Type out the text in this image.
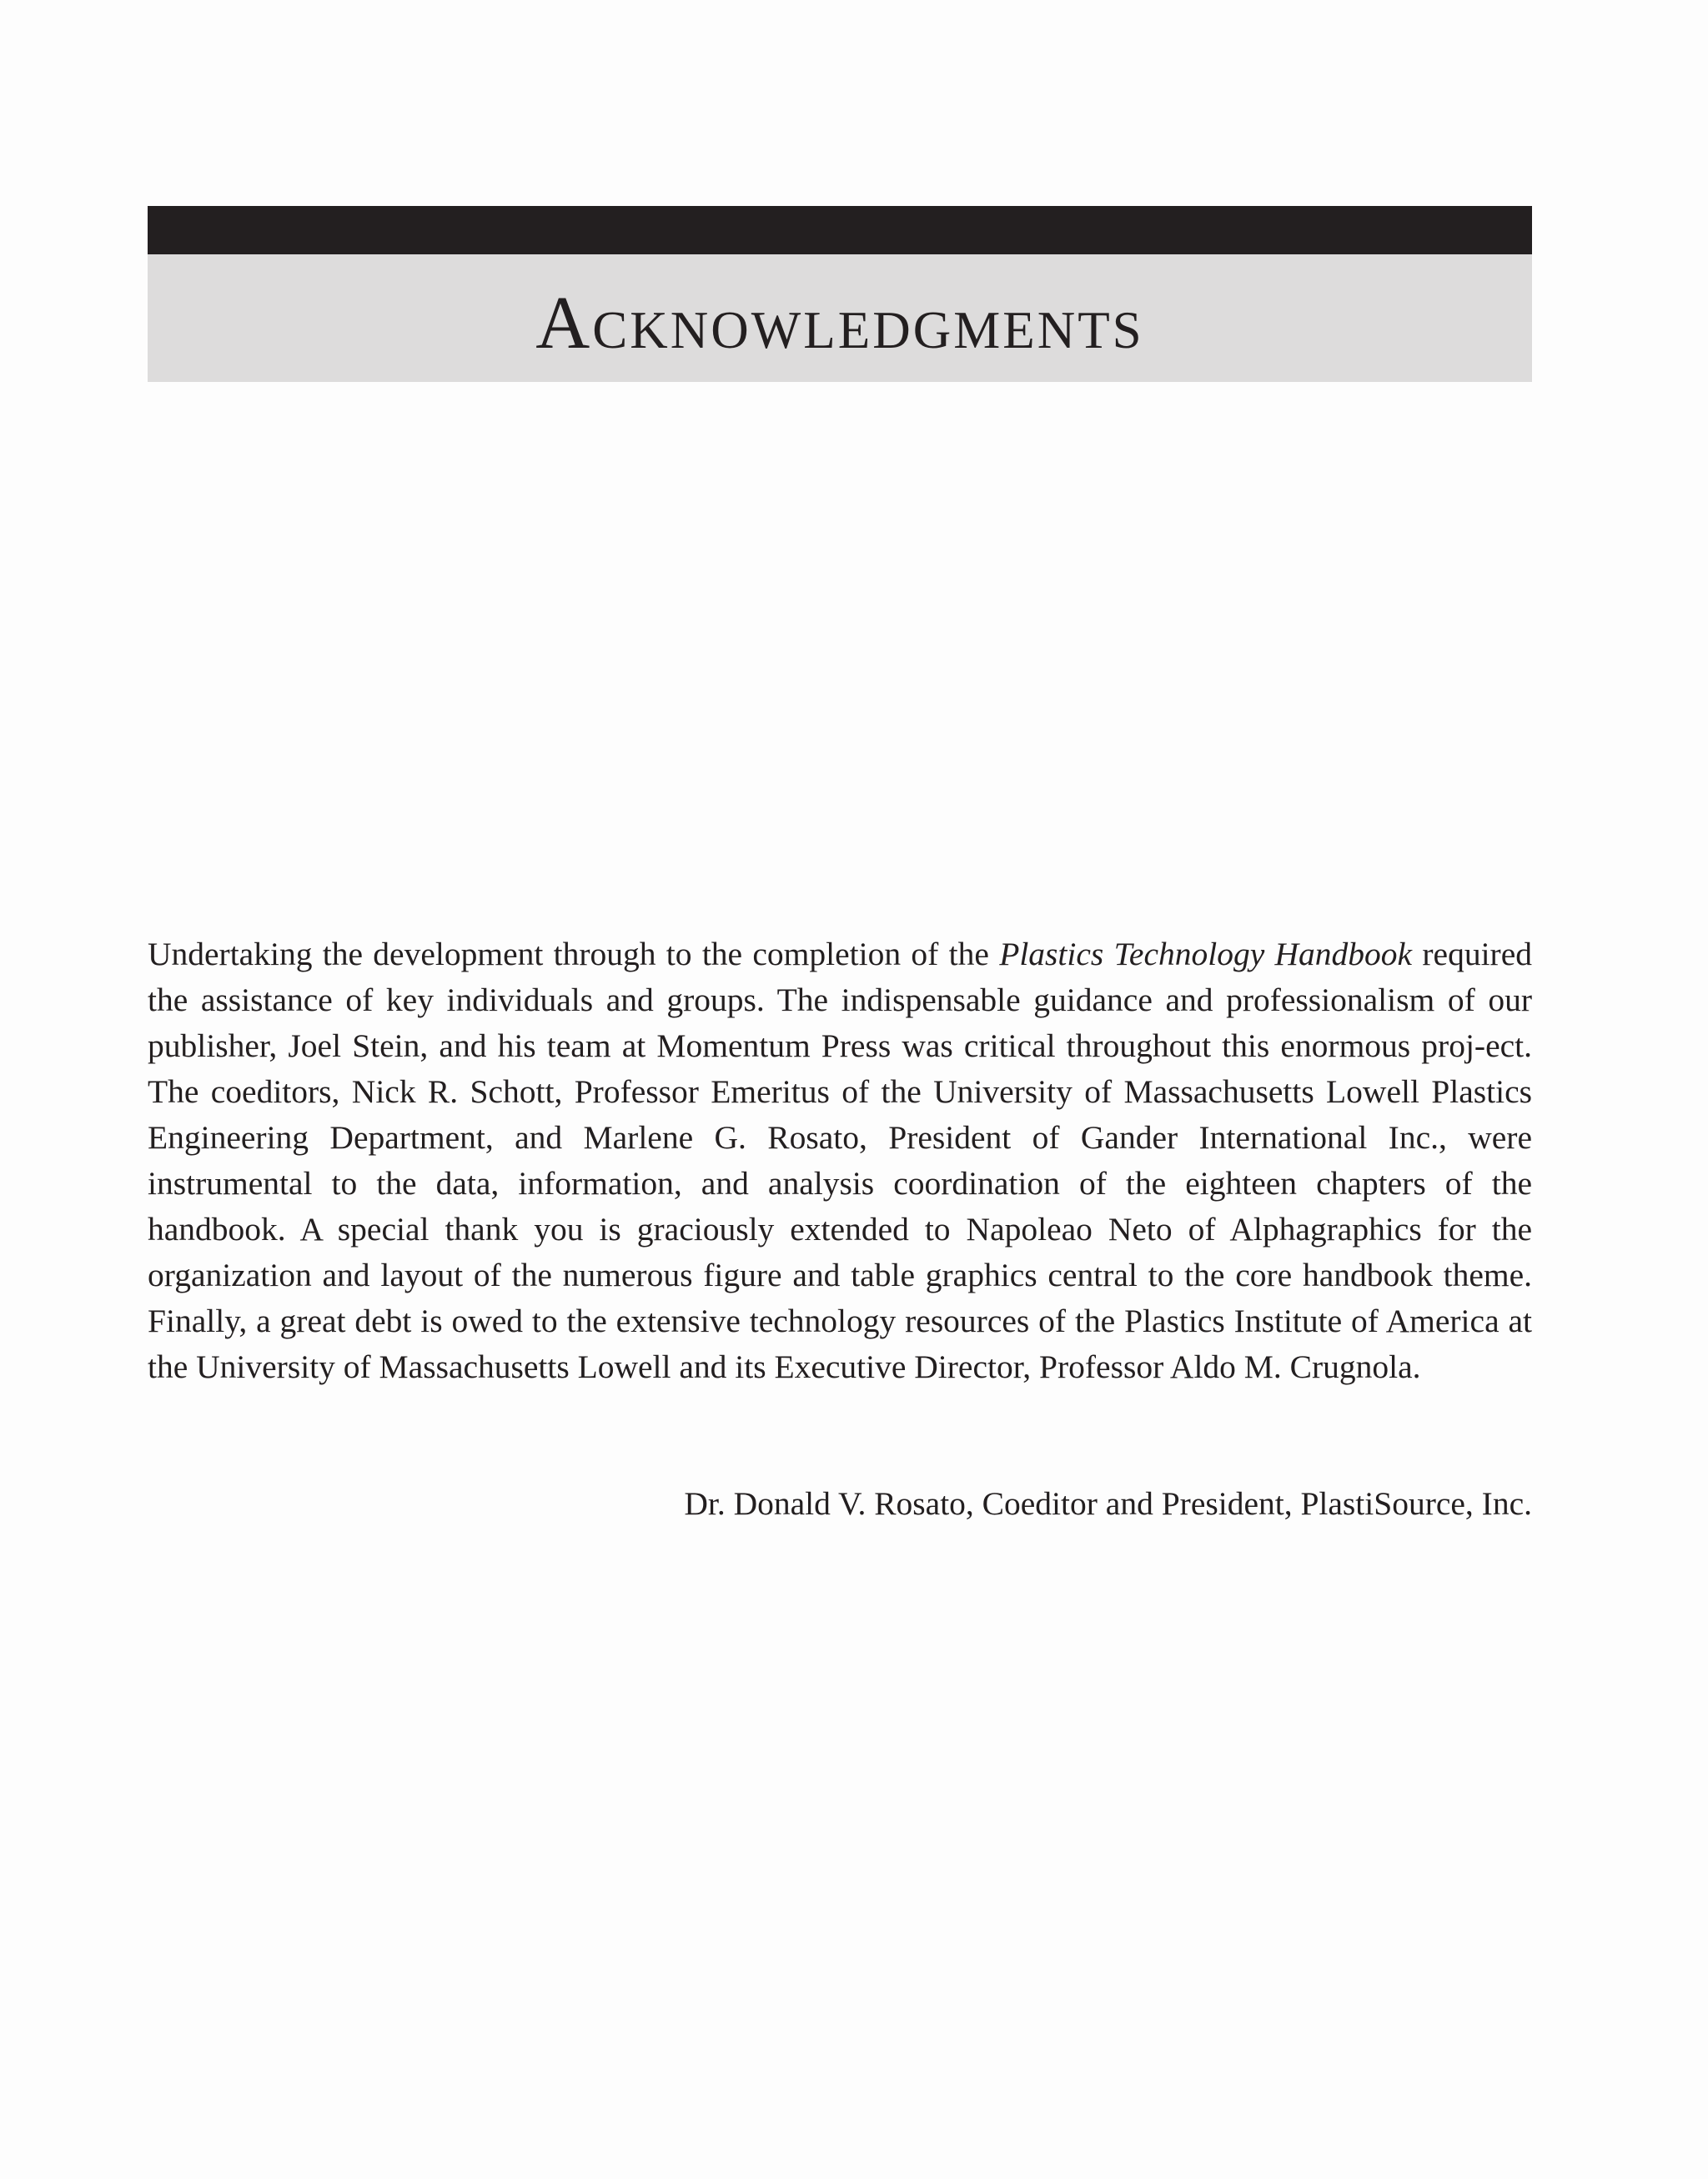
Acknowledgments

Undertaking the development through to the completion of the Plastics Technology Handbook required the assistance of key individuals and groups. The indispensable guidance and professionalism of our publisher, Joel Stein, and his team at Momentum Press was critical throughout this enormous proj-ect. The coeditors, Nick R. Schott, Professor Emeritus of the University of Massachusetts Lowell Plastics Engineering Department, and Marlene G. Rosato, President of Gander International Inc., were instrumental to the data, information, and analysis coordination of the eighteen chapters of the handbook. A special thank you is graciously extended to Napoleao Neto of Alphagraphics for the organization and layout of the numerous figure and table graphics central to the core handbook theme. Finally, a great debt is owed to the extensive technology resources of the Plastics Institute of America at the University of Massachusetts Lowell and its Executive Director, Professor Aldo M. Crugnola.

Dr. Donald V. Rosato, Coeditor and President, PlastiSource, Inc.
